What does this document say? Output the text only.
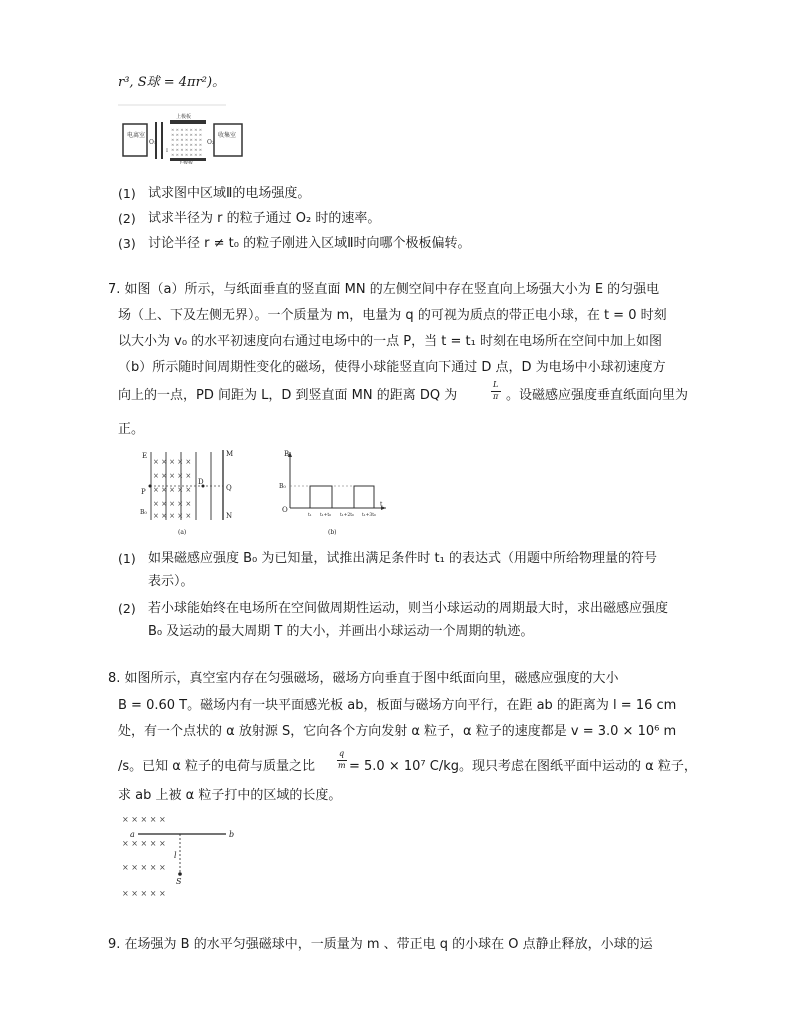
r³, S球 = 4πr²)。
电离室
O₁
I
上极板
× × × × × × ×
× × × × × × ×
× × × × × × ×
× × × × × × ×
× × × × × × ×
× × × × × × ×
下极板
收集室
O₂
(1) 试求图中区域Ⅱ的电场强度。
(2) 试求半径为 r 的粒子通过 O₂ 时的速率。
(3) 讨论半径 r ≠ t₀ 的粒子刚进入区域Ⅱ时向哪个极板偏转。
7. 如图（a）所示，与纸面垂直的竖直面 MN 的左侧空间中存在竖直向上场强大小为 E 的匀强电
场（上、下及左侧无界）。一个质量为 m，电量为 q 的可视为质点的带正电小球，在 t = 0 时刻
以大小为 v₀ 的水平初速度向右通过电场中的一点 P，当 t = t₁ 时刻在电场所在空间中加上如图
（b）所示随时间周期性变化的磁场，使得小球能竖直向下通过 D 点，D 为电场中小球初速度方
向上的一点，PD 间距为 L，D 到竖直面 MN 的距离 DQ 为
L
π 。设磁感应强度垂直纸面向里为
正。
× × × × ×
× × × × ×
× × × × ×
× × × × ×
× × × × ×
E	M
P
D
Q
B₀	N
(a)
B
B₀
O
t
t₁ t₁+t₀ t₁+2t₀ t₁+3t₀
(b)
(1) 如果磁感应强度 B₀ 为已知量，试推出满足条件时 t₁ 的表达式（用题中所给物理量的符号
表示）。
(2) 若小球能始终在电场所在空间做周期性运动，则当小球运动的周期最大时，求出磁感应强度
B₀ 及运动的最大周期 T 的大小，并画出小球运动一个周期的轨迹。
8. 如图所示，真空室内存在匀强磁场，磁场方向垂直于图中纸面向里，磁感应强度的大小
B = 0.60 T。磁场内有一块平面感光板 ab，板面与磁场方向平行，在距 ab 的距离为 l = 16 cm
处，有一个点状的 α 放射源 S，它向各个方向发射 α 粒子，α 粒子的速度都是 v = 3.0 × 10⁶ m
/s。已知 α 粒子的电荷与质量之比
q
m = 5.0 × 10⁷ C/kg。现只考虑在图纸平面中运动的 α 粒子，
求 ab 上被 α 粒子打中的区域的长度。
× × × × ×
× × × × ×
× × × × ×
× × × × ×
a	b
l
S
9. 在场强为 B 的水平匀强磁球中，一质量为 m 、带正电 q 的小球在 O 点静止释放，小球的运
